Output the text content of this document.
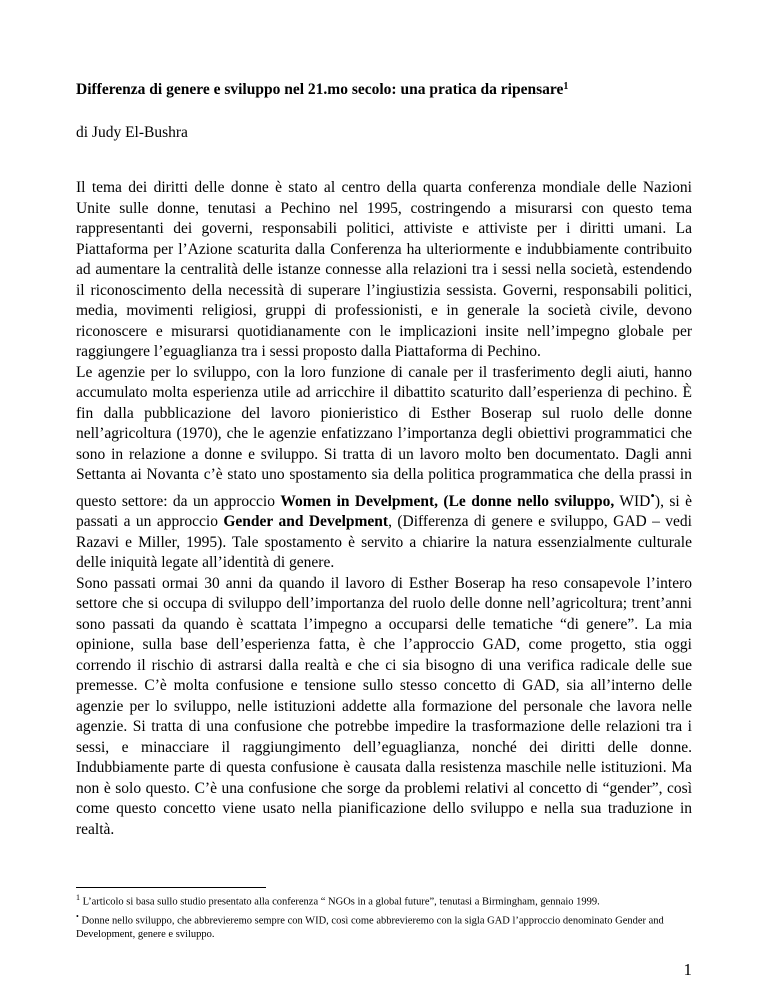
Differenza di genere e sviluppo nel 21.mo secolo: una pratica da ripensare$^1$
di Judy El-Bushra

Il tema dei diritti delle donne è stato al centro della quarta conferenza mondiale delle Nazioni Unite sulle donne, tenutasi a Pechino nel 1995, costringendo a misurarsi con questo tema rappresentanti dei governi, responsabili politici, attiviste e attiviste per i diritti umani. La Piattaforma per l’Azione scaturita dalla Conferenza ha ulteriormente e indubbiamente contribuito ad aumentare la centralità delle istanze connesse alla relazioni tra i sessi nella società, estendendo il riconoscimento della necessità di superare l’ingiustizia sessista. Governi, responsabili politici, media, movimenti religiosi, gruppi di professionisti, e in generale la società civile, devono riconoscere e misurarsi quotidianamente con le implicazioni insite nell’impegno globale per raggiungere l’eguaglianza tra i sessi proposto dalla Piattaforma di Pechino.

Le agenzie per lo sviluppo, con la loro funzione di canale per il trasferimento degli aiuti, hanno accumulato molta esperienza utile ad arricchire il dibattito scaturito dall’esperienza di pechino. È fin dalla pubblicazione del lavoro pionieristico di Esther Boserap sul ruolo delle donne nell’agricoltura (1970), che le agenzie enfatizzano l’importanza degli obiettivi programmatici che sono in relazione a donne e sviluppo. Si tratta di un lavoro molto ben documentato. Dagli anni Settanta ai Novanta c’è stato uno spostamento sia della politica programmatica che della prassi in questo settore: da un approccio Women in Develpment, (Le donne nello sviluppo, WID•), si è passati a un approccio Gender and Develpment, (Differenza di genere e sviluppo, GAD – vedi Razavi e Miller, 1995). Tale spostamento è servito a chiarire la natura essenzialmente culturale delle iniquità legate all’identità di genere.

Sono passati ormai 30 anni da quando il lavoro di Esther Boserap ha reso consapevole l’intero settore che si occupa di sviluppo dell’importanza del ruolo delle donne nell’agricoltura; trent’anni sono passati da quando è scattata l’impegno a occuparsi delle tematiche “di genere”. La mia opinione, sulla base dell’esperienza fatta, è che l’approccio GAD, come progetto, stia oggi correndo il rischio di astrarsi dalla realtà e che ci sia bisogno di una verifica radicale delle sue premesse. C’è molta confusione e tensione sullo stesso concetto di GAD, sia all’interno delle agenzie per lo sviluppo, nelle istituzioni addette alla formazione del personale che lavora nelle agenzie. Si tratta di una confusione che potrebbe impedire la trasformazione delle relazioni tra i sessi, e minacciare il raggiungimento dell’eguaglianza, nonché dei diritti delle donne. Indubbiamente parte di questa confusione è causata dalla resistenza maschile nelle istituzioni. Ma non è solo questo. C’è una confusione che sorge da problemi relativi al concetto di “gender”, così come questo concetto viene usato nella pianificazione dello sviluppo e nella sua traduzione in realtà.

$^1$ L’articolo si basa sullo studio presentato alla conferenza “ NGOs in a global future”, tenutasi a Birmingham, gennaio 1999.

• Donne nello sviluppo, che abbrevieremo sempre con WID, così come abbrevieremo con la sigla GAD l’approccio denominato Gender and Development, genere e sviluppo.

1
